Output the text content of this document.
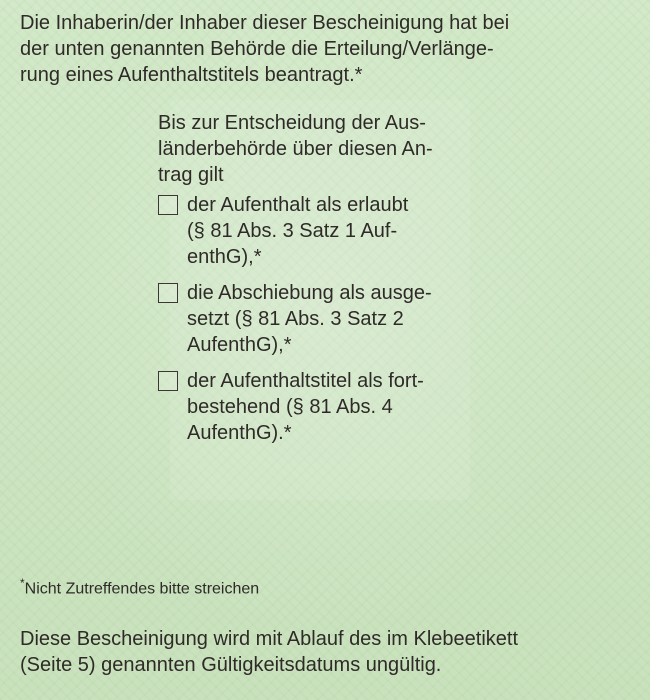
Die Inhaberin/der Inhaber dieser Bescheinigung hat bei
der unten genannten Behörde die Erteilung/Verlänge-
rung eines Aufenthaltstitels beantragt.*

Bis zur Entscheidung der Aus-
länderbehörde über diesen An-
trag gilt

der Aufenthalt als erlaubt
(§ 81 Abs. 3 Satz 1 Auf-
enthG),*
die Abschiebung als ausge-
setzt (§ 81 Abs. 3 Satz 2
AufenthG),*
der Aufenthaltstitel als fort-
bestehend (§ 81 Abs. 4
AufenthG).*

*Nicht Zutreffendes bitte streichen

Diese Bescheinigung wird mit Ablauf des im Klebeetikett
(Seite 5) genannten Gültigkeitsdatums ungültig.
